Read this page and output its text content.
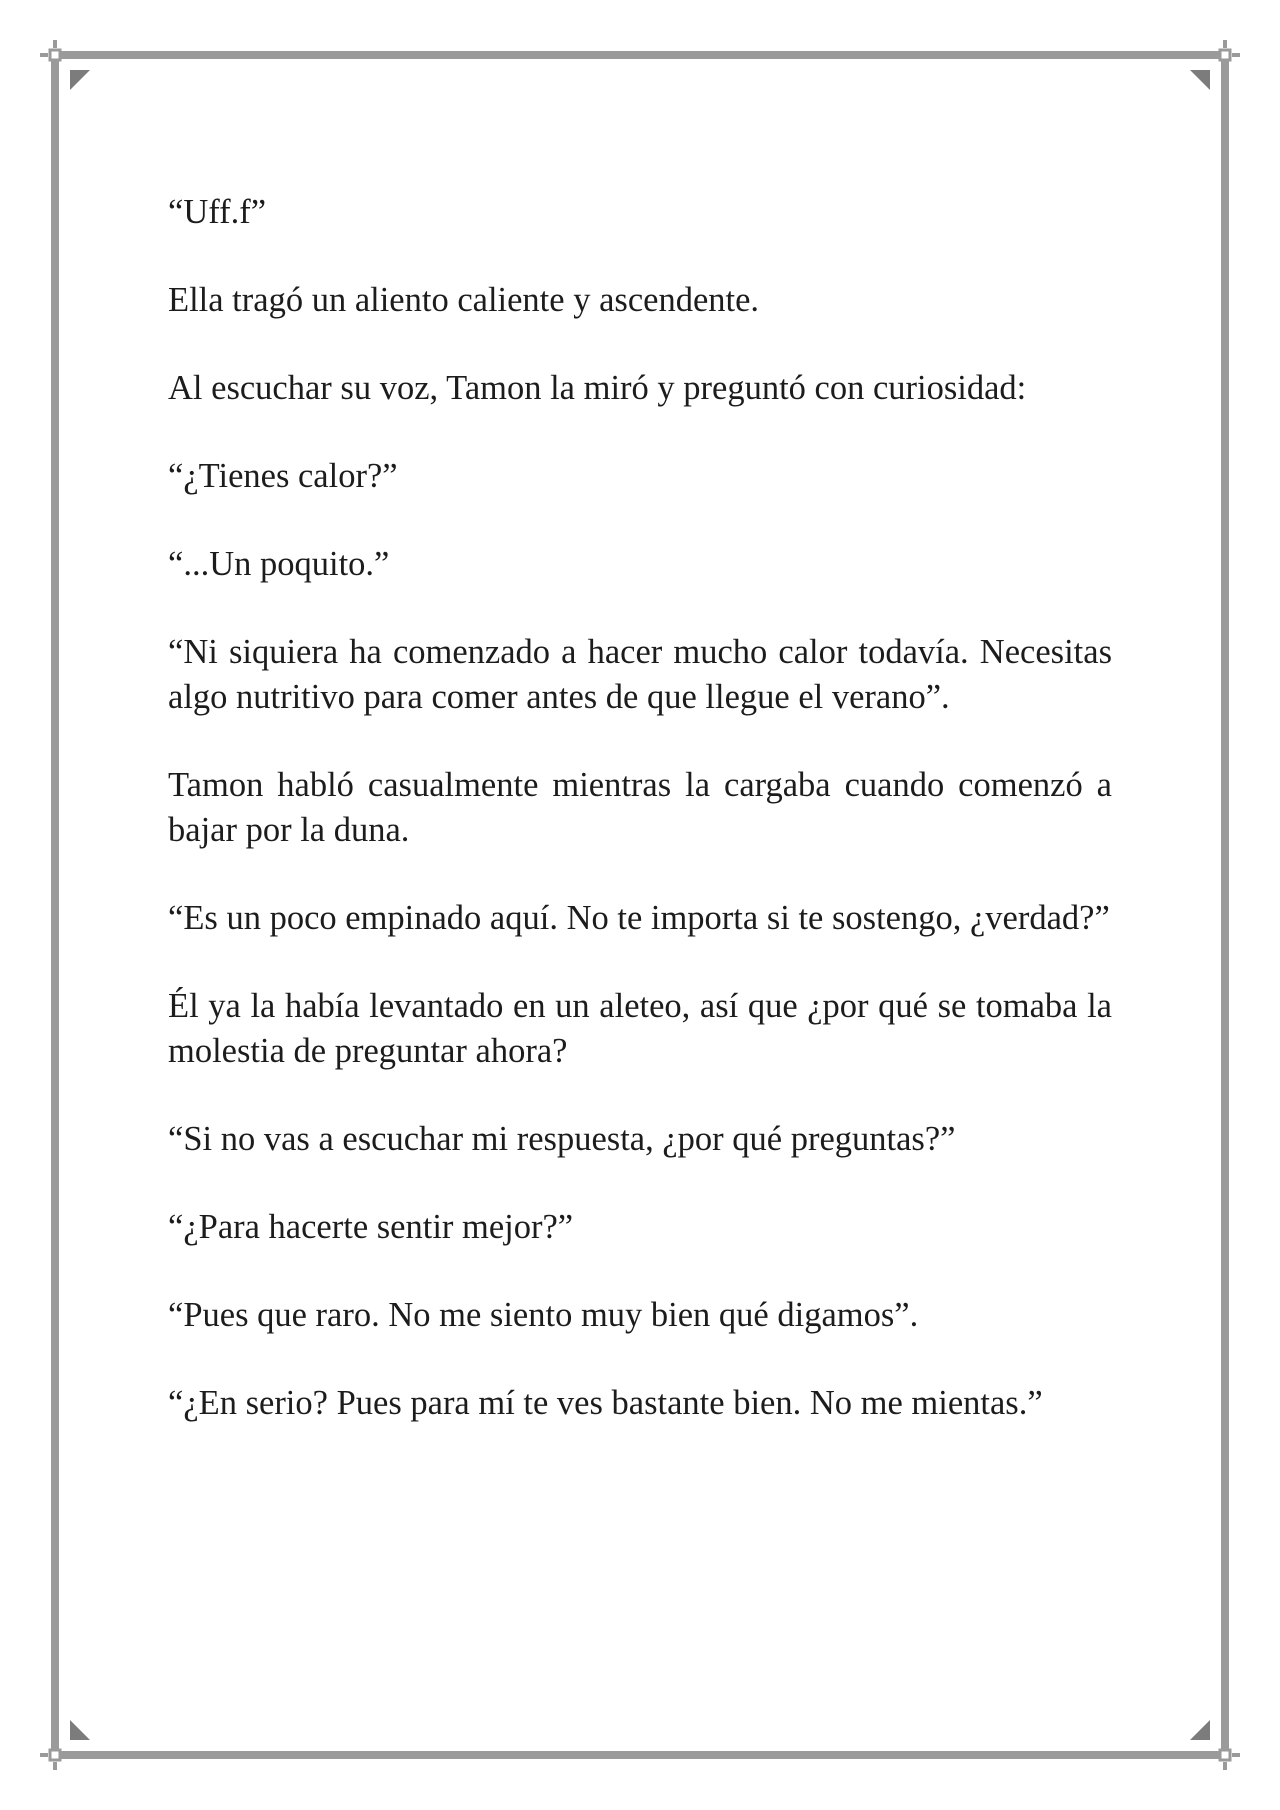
“Uff.f”

Ella tragó un aliento caliente y ascendente.

Al escuchar su voz, Tamon la miró y preguntó con curiosidad:

“¿Tienes calor?”

“...Un poquito.”

“Ni siquiera ha comenzado a hacer mucho calor todavía. Necesitas algo nutritivo para comer antes de que llegue el verano”.

Tamon habló casualmente mientras la cargaba cuando comenzó a bajar por la duna.

“Es un poco empinado aquí. No te importa si te sostengo, ¿verdad?”

Él ya la había levantado en un aleteo, así que ¿por qué se tomaba la molestia de preguntar ahora?

“Si no vas a escuchar mi respuesta, ¿por qué preguntas?”

“¿Para hacerte sentir mejor?”

“Pues que raro. No me siento muy bien qué digamos”.

“¿En serio? Pues para mí te ves bastante bien. No me mientas.”
